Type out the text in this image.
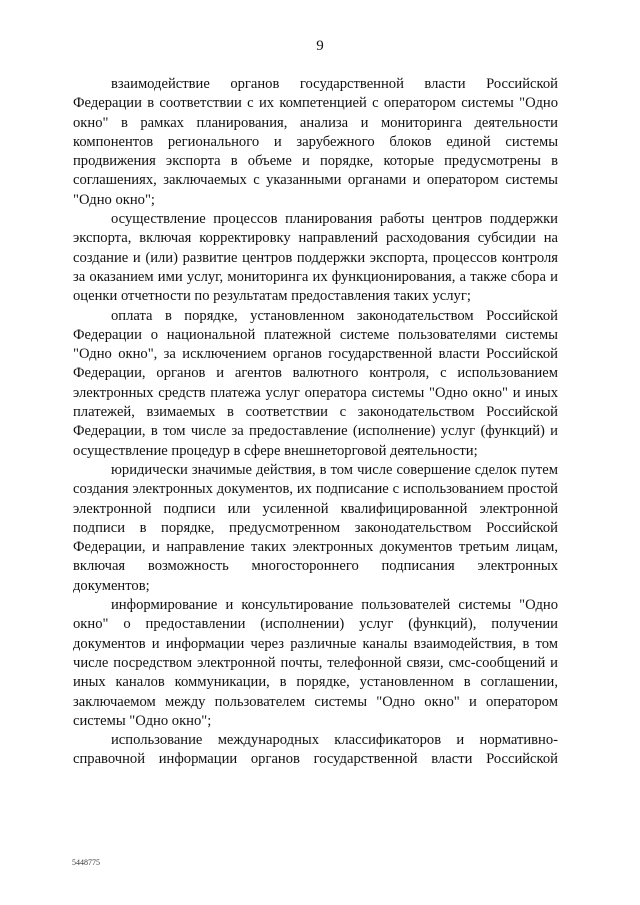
9

взаимодействие органов государственной власти Российской Федерации в соответствии с их компетенцией с оператором системы "Одно окно" в рамках планирования, анализа и мониторинга деятельности компонентов регионального и зарубежного блоков единой системы продвижения экспорта в объеме и порядке, которые предусмотрены в соглашениях, заключаемых с указанными органами и оператором системы "Одно окно";

осуществление процессов планирования работы центров поддержки экспорта, включая корректировку направлений расходования субсидии на создание и (или) развитие центров поддержки экспорта, процессов контроля за оказанием ими услуг, мониторинга их функционирования, а также сбора и оценки отчетности по результатам предоставления таких услуг;

оплата в порядке, установленном законодательством Российской Федерации о национальной платежной системе пользователями системы "Одно окно", за исключением органов государственной власти Российской Федерации, органов и агентов валютного контроля, с использованием электронных средств платежа услуг оператора системы "Одно окно" и иных платежей, взимаемых в соответствии с законодательством Российской Федерации, в том числе за предоставление (исполнение) услуг (функций) и осуществление процедур в сфере внешнеторговой деятельности;

юридически значимые действия, в том числе совершение сделок путем создания электронных документов, их подписание с использованием простой электронной подписи или усиленной квалифицированной электронной подписи в порядке, предусмотренном законодательством Российской Федерации, и направление таких электронных документов третьим лицам, включая возможность многостороннего подписания электронных документов;

информирование и консультирование пользователей системы "Одно окно" о предоставлении (исполнении) услуг (функций), получении документов и информации через различные каналы взаимодействия, в том числе посредством электронной почты, телефонной связи, смс-сообщений и иных каналов коммуникации, в порядке, установленном в соглашении, заключаемом между пользователем системы "Одно окно" и оператором системы "Одно окно";

использование международных классификаторов и нормативно-справочной информации органов государственной власти Российской

5448775
